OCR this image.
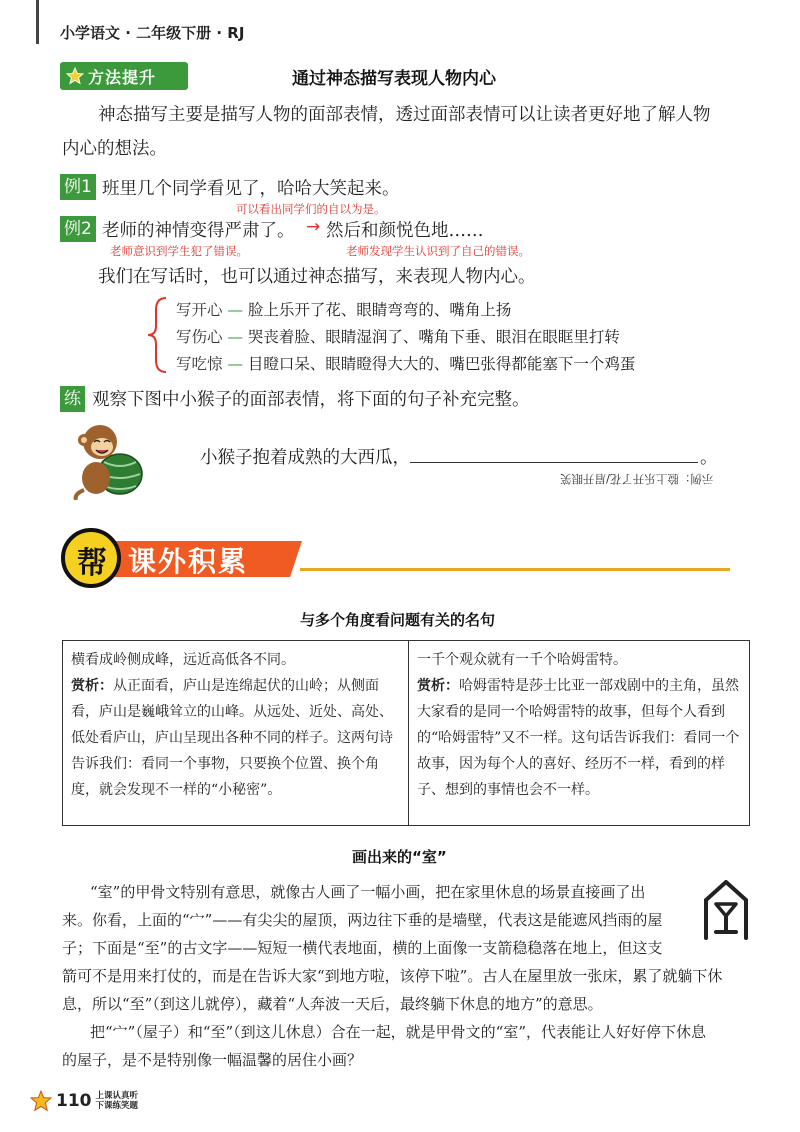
小学语文 · 二年级下册 · RJ
方法提升	通过神态描写表现人物内心
神态描写主要是描写人物的面部表情，透过面部表情可以让读者更好地了解人物
内心的想法。
例1 班里几个同学看见了，哈哈大笑起来。
可以看出同学们的自以为是。
例2 老师的神情变得严肃了。 → 然后和颜悦色地……
老师意识到学生犯了错误。	老师发现学生认识到了自己的错误。
我们在写话时，也可以通过神态描写，来表现人物内心。
写开心 — 脸上乐开了花、眼睛弯弯的、嘴角上扬
写伤心 — 哭丧着脸、眼睛湿润了、嘴角下垂、眼泪在眼眶里打转
写吃惊 — 目瞪口呆、眼睛瞪得大大的、嘴巴张得都能塞下一个鸡蛋
练 观察下图中小猴子的面部表情，将下面的句子补充完整。
小猴子抱着成熟的大西瓜，	。
示例：脸上乐开了花/眉开眼笑
帮 课外积累
与多个角度看问题有关的名句
横看成岭侧成峰，远近高低各不同。
赏析：从正面看，庐山是连绵起伏的山岭；从侧面看，庐山是巍峨耸立的山峰。从远处、近处、高处、低处看庐山，庐山呈现出各种不同的样子。这两句诗告诉我们：看同一个事物，只要换个位置、换个角度，就会发现不一样的“小秘密”。
一千个观众就有一千个哈姆雷特。
赏析：哈姆雷特是莎士比亚一部戏剧中的主角，虽然大家看的是同一个哈姆雷特的故事，但每个人看到的“哈姆雷特”又不一样。这句话告诉我们：看同一个故事，因为每个人的喜好、经历不一样，看到的样子、想到的事情也会不一样。
画出来的“室”
“室”的甲骨文特别有意思，就像古人画了一幅小画，把在家里休息的场景直接画了出
来。你看，上面的“宀”——有尖尖的屋顶，两边往下垂的是墙壁，代表这是能遮风挡雨的屋
子；下面是“至”的古文字——短短一横代表地面，横的上面像一支箭稳稳落在地上，但这支
箭可不是用来打仗的，而是在告诉大家“到地方啦，该停下啦”。古人在屋里放一张床，累了就躺下休
息，所以“至”（到这儿就停），藏着“人奔波一天后，最终躺下休息的地方”的意思。
把“宀”（屋子）和“至”（到这儿休息）合在一起，就是甲骨文的“室”，代表能让人好好停下休息
的屋子，是不是特别像一幅温馨的居住小画？
110 上课认真听
下课练笑题
